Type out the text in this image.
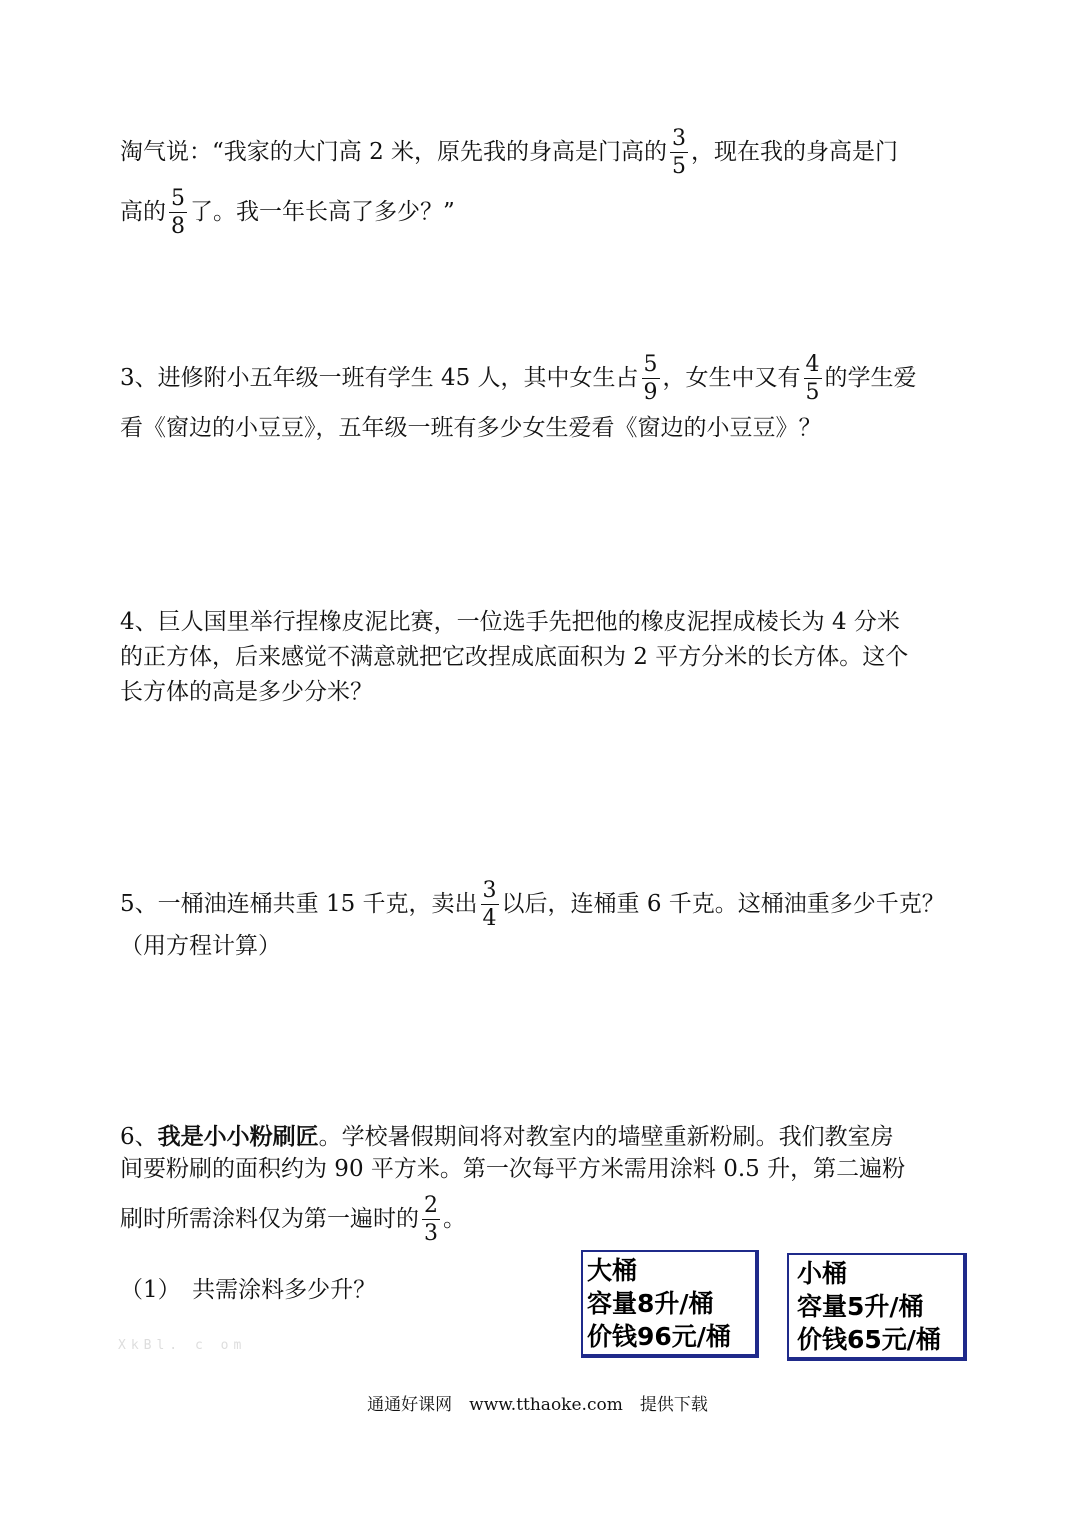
淘气说：“我家的大门高 2 米，原先我的身高是门高的 $\frac{3}{5}$ ，现在我的身高是门
高的 $\frac{5}{8}$ 了。我一年长高了多少？”
3、进修附小五年级一班有学生 45 人，其中女生占 $\frac{5}{9}$ ，女生中又有 $\frac{4}{5}$ 的学生爱
看《窗边的小豆豆》，五年级一班有多少女生爱看《窗边的小豆豆》？
4、巨人国里举行捏橡皮泥比赛，一位选手先把他的橡皮泥捏成棱长为 4 分米
的正方体，后来感觉不满意就把它改捏成底面积为 2 平方分米的长方体。这个
长方体的高是多少分米？
5、一桶油连桶共重 15 千克，卖出 $\frac{3}{4}$ 以后，连桶重 6 千克。这桶油重多少千克？
（用方程计算）
6、我是小小粉刷匠。学校暑假期间将对教室内的墙壁重新粉刷。我们教室房
间要粉刷的面积约为 90 平方米。第一次每平方米需用涂料 0.5 升，第二遍粉
刷时所需涂料仅为第一遍时的 $\frac{2}{3}$ 。
（1）　共需涂料多少升？
大桶
容量8升/桶
价钱96元/桶
小桶
容量5升/桶
价钱65元/桶
XkBl. c om
通通好课网　www.tthaoke.com　提供下载
